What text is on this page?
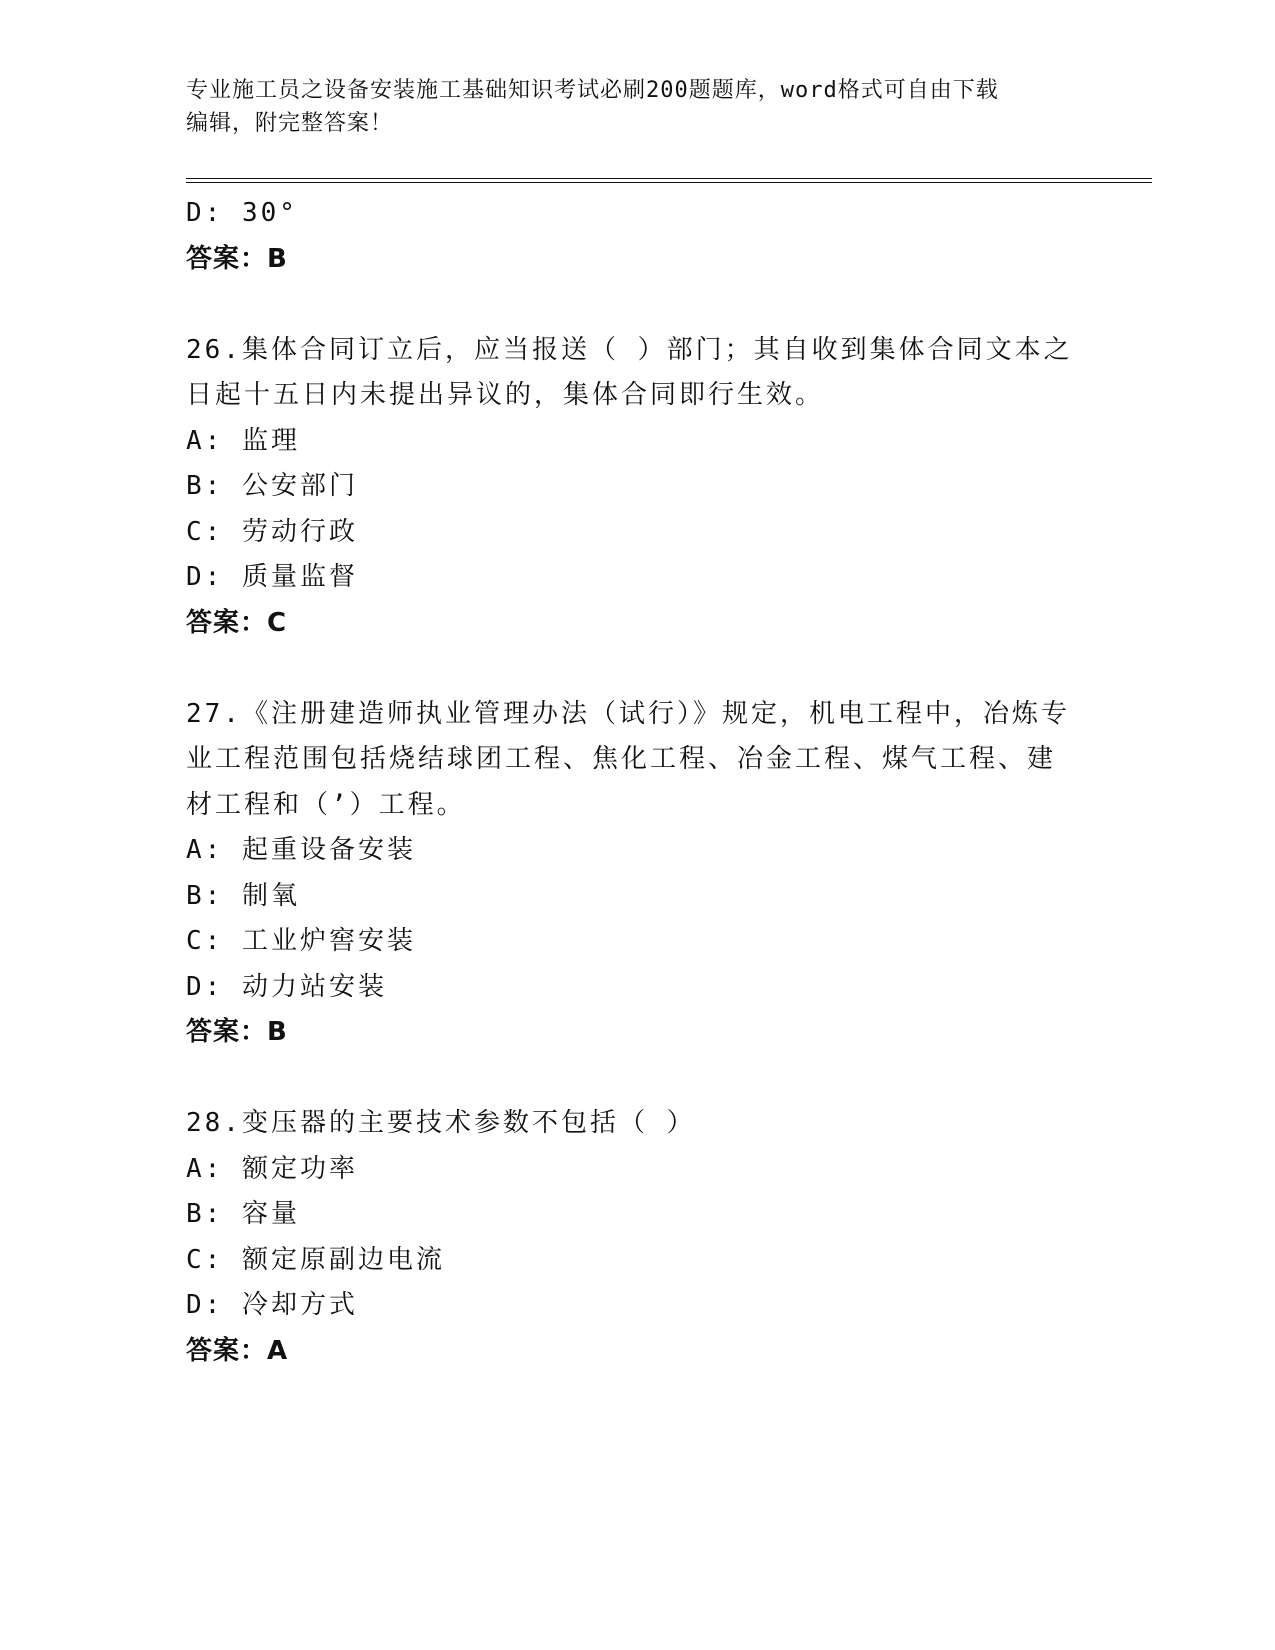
专业施工员之设备安装施工基础知识考试必刷200题题库，word格式可自由下载
编辑，附完整答案！
D: 30°
答案：B
26.集体合同订立后，应当报送（ ）部门；其自收到集体合同文本之
日起十五日内未提出异议的，集体合同即行生效。
A: 监理
B: 公安部门
C: 劳动行政
D: 质量监督
答案：C
27.《注册建造师执业管理办法（试行）》规定，机电工程中，冶炼专
业工程范围包括烧结球团工程、焦化工程、冶金工程、煤气工程、建
材工程和（’）工程。
A: 起重设备安装
B: 制氧
C: 工业炉窖安装
D: 动力站安装
答案：B
28.变压器的主要技术参数不包括（ ）
A: 额定功率
B: 容量
C: 额定原副边电流
D: 冷却方式
答案：A
